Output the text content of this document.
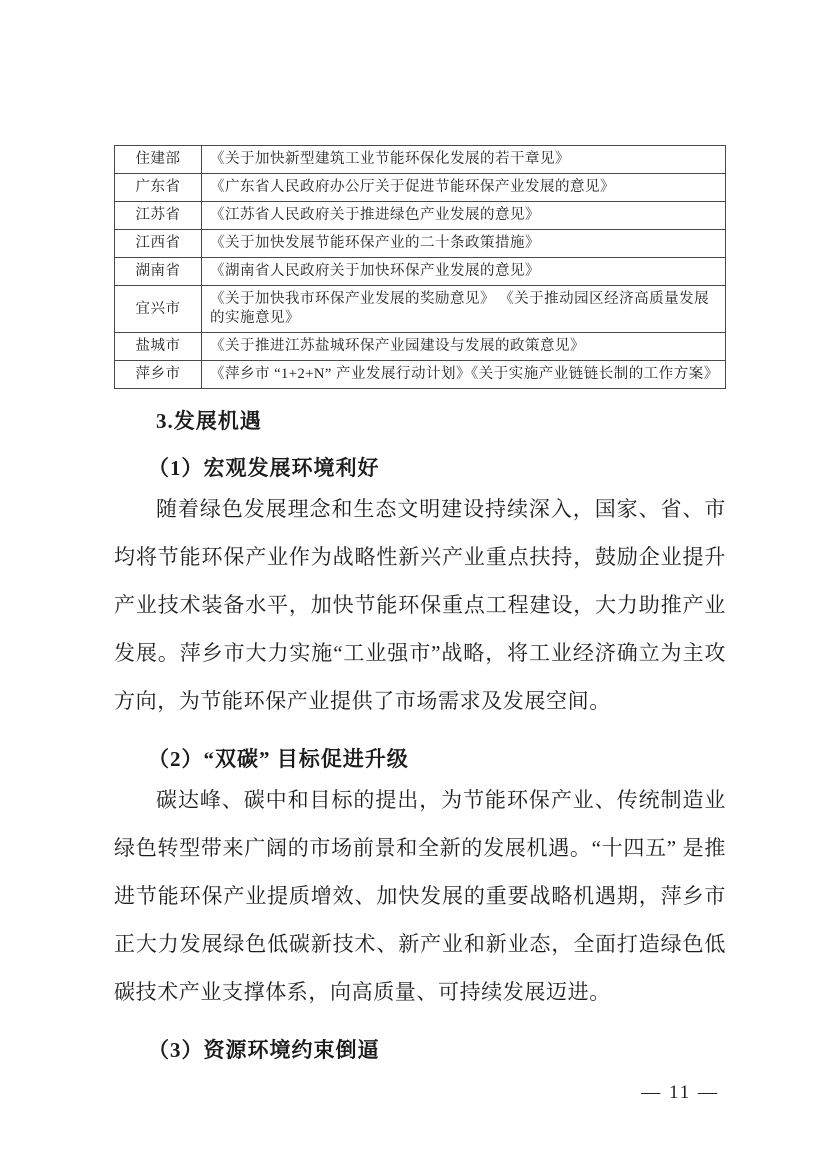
住建部	《关于加快新型建筑工业节能环保化发展的若干章见》
广东省	《广东省人民政府办公厅关于促进节能环保产业发展的意见》
江苏省	《江苏省人民政府关于推进绿色产业发展的意见》
江西省	《关于加快发展节能环保产业的二十条政策措施》
湖南省	《湖南省人民政府关于加快环保产业发展的意见》
宜兴市	《关于加快我市环保产业发展的奖励意见》 《关于推动园区经济高质量发展的实施意见》
盐城市	《关于推进江苏盐城环保产业园建设与发展的政策意见》
萍乡市	《萍乡市 “1+2+N” 产业发展行动计划》《关于实施产业链链长制的工作方案》
3.发展机遇
（1）宏观发展环境利好

随着绿色发展理念和生态文明建设持续深入，国家、省、市均将节能环保产业作为战略性新兴产业重点扶持，鼓励企业提升产业技术装备水平，加快节能环保重点工程建设，大力助推产业发展。萍乡市大力实施“工业强市”战略，将工业经济确立为主攻方向，为节能环保产业提供了市场需求及发展空间。

（2）“双碳” 目标促进升级

碳达峰、碳中和目标的提出，为节能环保产业、传统制造业绿色转型带来广阔的市场前景和全新的发展机遇。“十四五” 是推进节能环保产业提质增效、加快发展的重要战略机遇期，萍乡市正大力发展绿色低碳新技术、新产业和新业态，全面打造绿色低碳技术产业支撑体系，向高质量、可持续发展迈进。

（3）资源环境约束倒逼
— 11 —
